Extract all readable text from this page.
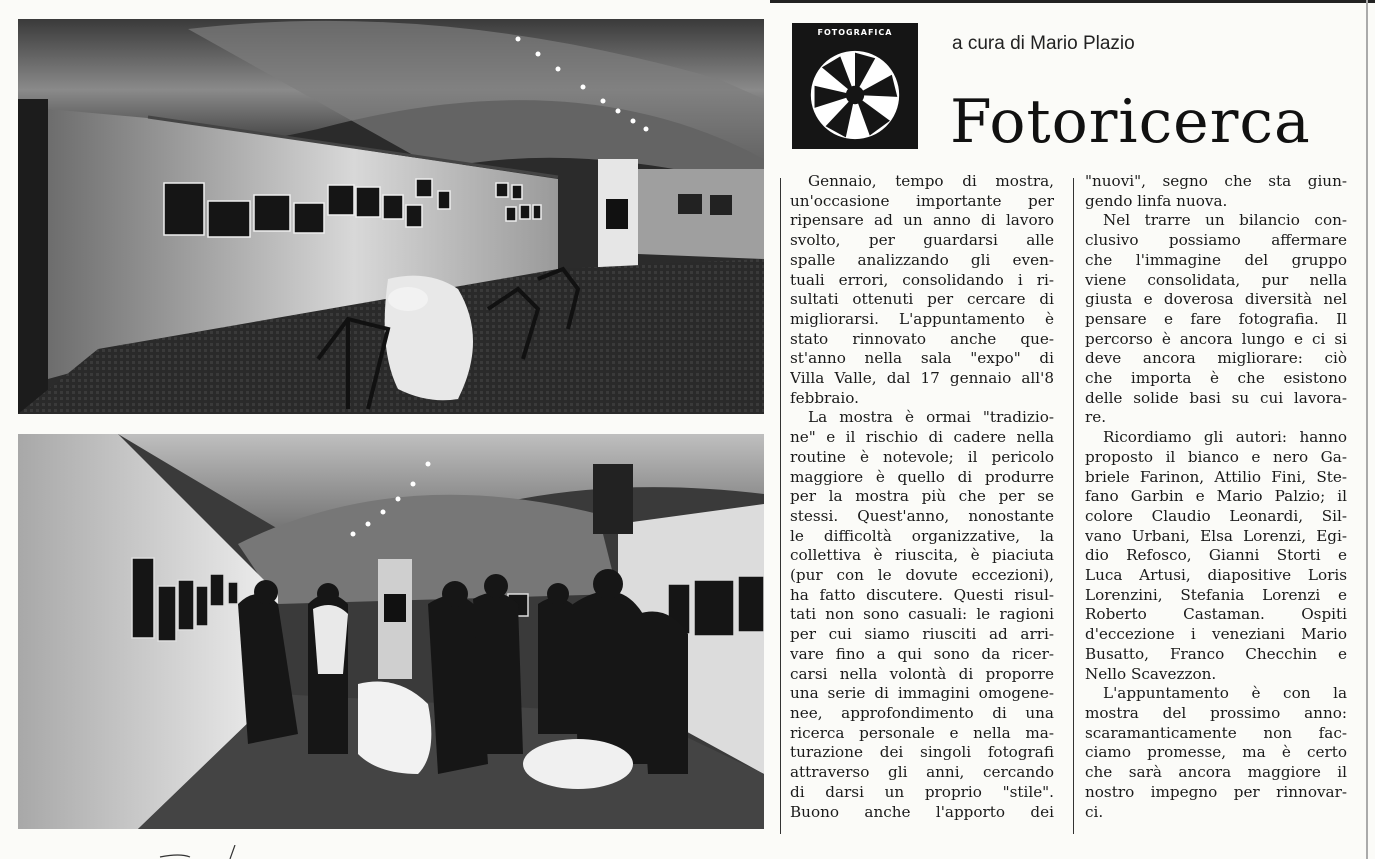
FOTOGRAFICA
a cura di Mario Plazio
Fotoricerca
Gennaio, tempo di mostra,
un'occasione importante per
ripensare ad un anno di lavoro
svolto, per guardarsi alle
spalle analizzando gli even-
tuali errori, consolidando i ri-
sultati ottenuti per cercare di
migliorarsi. L'appuntamento è
stato rinnovato anche que-
st'anno nella sala "expo" di
Villa Valle, dal 17 gennaio all'8
febbraio.
La mostra è ormai "tradizio-
ne" e il rischio di cadere nella
routine è notevole; il pericolo
maggiore è quello di produrre
per la mostra più che per se
stessi. Quest'anno, nonostante
le difficoltà organizzative, la
collettiva è riuscita, è piaciuta
(pur con le dovute eccezioni),
ha fatto discutere. Questi risul-
tati non sono casuali: le ragioni
per cui siamo riusciti ad arri-
vare fino a qui sono da ricer-
carsi nella volontà di proporre
una serie di immagini omogene-
nee, approfondimento di una
ricerca personale e nella ma-
turazione dei singoli fotografi
attraverso gli anni, cercando
di darsi un proprio "stile".
Buono anche l'apporto dei
"nuovi", segno che sta giun-
gendo linfa nuova.
Nel trarre un bilancio con-
clusivo possiamo affermare
che l'immagine del gruppo
viene consolidata, pur nella
giusta e doverosa diversità nel
pensare e fare fotografia. Il
percorso è ancora lungo e ci si
deve ancora migliorare: ciò
che importa è che esistono
delle solide basi su cui lavora-
re.
Ricordiamo gli autori: hanno
proposto il bianco e nero Ga-
briele Farinon, Attilio Fini, Ste-
fano Garbin e Mario Palzio; il
colore Claudio Leonardi, Sil-
vano Urbani, Elsa Lorenzi, Egi-
dio Refosco, Gianni Storti e
Luca Artusi, diapositive Loris
Lorenzini, Stefania Lorenzi e
Roberto Castaman. Ospiti
d'eccezione i veneziani Mario
Busatto, Franco Checchin e
Nello Scavezzon.
L'appuntamento è con la
mostra del prossimo anno:
scaramanticamente non fac-
ciamo promesse, ma è certo
che sarà ancora maggiore il
nostro impegno per rinnovar-
ci.
